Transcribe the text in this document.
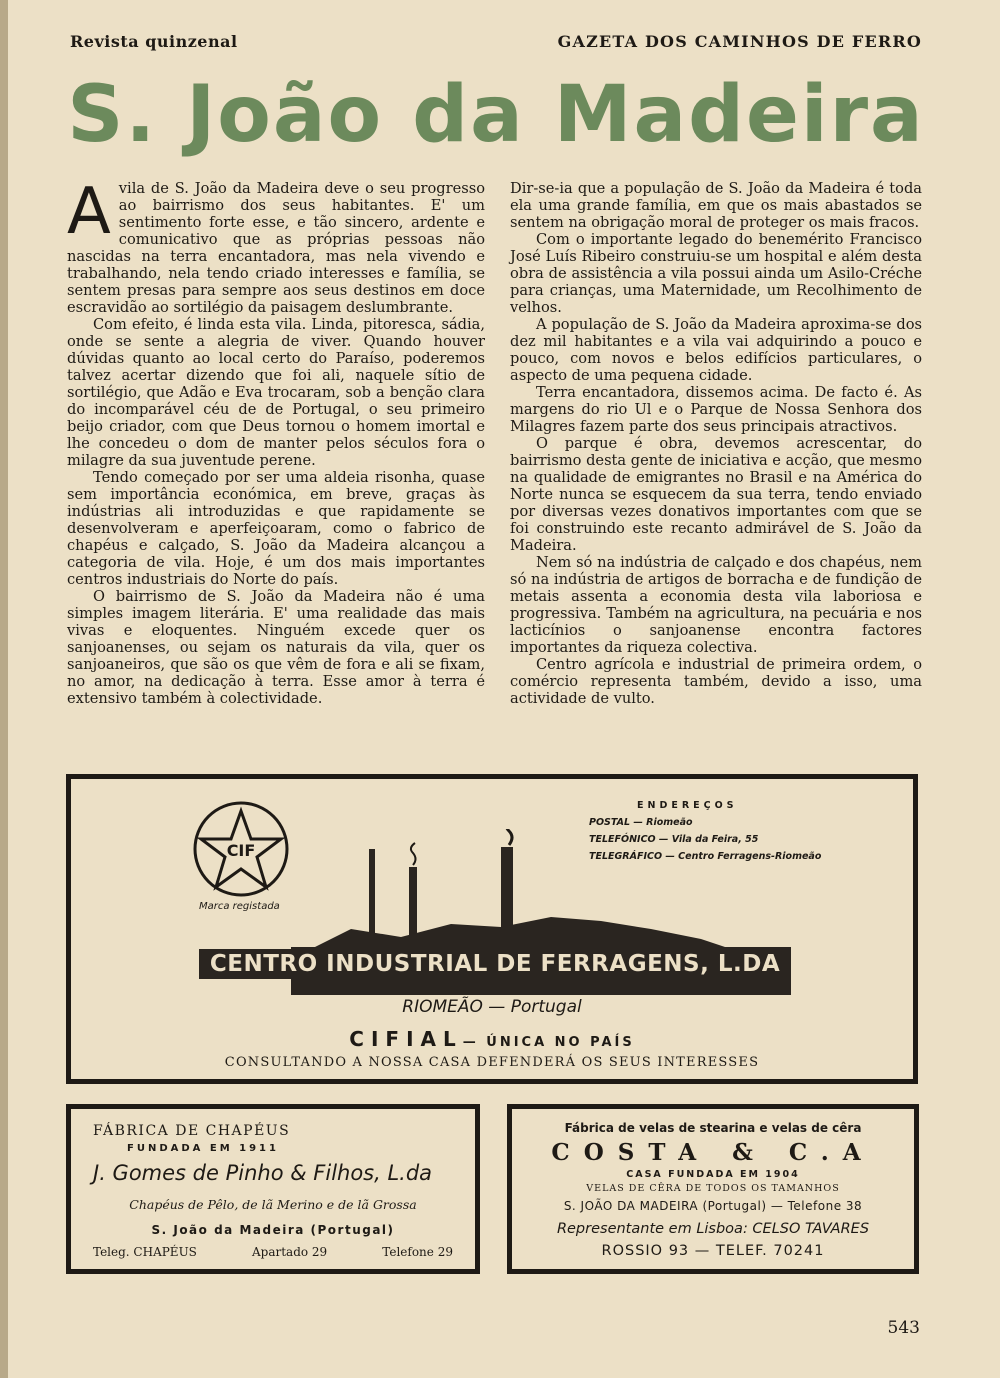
Revista quinzenal	GAZETA DOS CAMINHOS DE FERRO
S. João da Madeira

Avila de S. João da Madeira deve o seu progresso ao bairrismo dos seus habitantes. E' um sentimento forte esse, e tão sincero, ardente e comunicativo que as próprias pessoas não nascidas na terra encantadora, mas nela vivendo e trabalhando, nela tendo criado interesses e família, se sentem presas para sempre aos seus destinos em doce escravidão ao sortilégio da paisagem deslumbrante.

Com efeito, é linda esta vila. Linda, pitoresca, sádia, onde se sente a alegria de viver. Quando houver dúvidas quanto ao local certo do Paraíso, poderemos talvez acertar dizendo que foi ali, naquele sítio de sortilégio, que Adão e Eva trocaram, sob a benção clara do incomparável céu de de Portugal, o seu primeiro beijo criador, com que Deus tornou o homem imortal e lhe concedeu o dom de manter pelos séculos fora o milagre da sua juventude perene.

Tendo começado por ser uma aldeia risonha, quase sem importância económica, em breve, graças às indústrias ali introduzidas e que rapidamente se desenvolveram e aperfeiçoaram, como o fabrico de chapéus e calçado, S. João da Madeira alcançou a categoria de vila. Hoje, é um dos mais importantes centros industriais do Norte do país.

O bairrismo de S. João da Madeira não é uma simples imagem literária. E' uma realidade das mais vivas e eloquentes. Ninguém excede quer os sanjoanenses, ou sejam os naturais da vila, quer os sanjoaneiros, que são os que vêm de fora e ali se fixam, no amor, na dedicação à terra. Esse amor à terra é extensivo também à colectividade.

Dir-se-ia que a população de S. João da Madeira é toda ela uma grande família, em que os mais abastados se sentem na obrigação moral de proteger os mais fracos.

Com o importante legado do benemérito Francisco José Luís Ribeiro construiu-se um hospital e além desta obra de assistência a vila possui ainda um Asilo-Créche para crianças, uma Maternidade, um Recolhimento de velhos.

A população de S. João da Madeira aproxima-se dos dez mil habitantes e a vila vai adquirindo a pouco e pouco, com novos e belos edifícios particulares, o aspecto de uma pequena cidade.

Terra encantadora, dissemos acima. De facto é. As margens do rio Ul e o Parque de Nossa Senhora dos Milagres fazem parte dos seus principais atractivos.

O parque é obra, devemos acrescentar, do bairrismo desta gente de iniciativa e acção, que mesmo na qualidade de emigrantes no Brasil e na América do Norte nunca se esquecem da sua terra, tendo enviado por diversas vezes donativos importantes com que se foi construindo este recanto admirável de S. João da Madeira.

Nem só na indústria de calçado e dos chapéus, nem só na indústria de artigos de borracha e de fundição de metais assenta a economia desta vila laboriosa e progressiva. Também na agricultura, na pecuária e nos lacticínios o sanjoanense encontra factores importantes da riqueza colectiva.

Centro agrícola e industrial de primeira ordem, o comércio representa também, devido a isso, uma actividade de vulto.

CIF
Marca registada
ENDEREÇOS
POSTAL — Riomeão
TELEFÓNICO — Vila da Feira, 55
TELEGRÁFICO — Centro Ferragens-Riomeão
CENTRO INDUSTRIAL DE FERRAGENS, L.DA
RIOMEÃO — Portugal
CIFIAL— ÚNICA NO PAÍS
CONSULTANDO A NOSSA CASA DEFENDERÁ OS SEUS INTERESSES
FÁBRICA DE CHAPÉUS
FUNDADA EM 1911
J. Gomes de Pinho & Filhos, L.da
Chapéus de Pêlo, de lã Merino e de lã Grossa
S. João da Madeira (Portugal)
Teleg. CHAPÉUS	Apartado 29	Telefone 29
Fábrica de velas de stearina e velas de cêra
COSTA & C.A
CASA FUNDADA EM 1904
VELAS DE CÊRA DE TODOS OS TAMANHOS
S. JOÃO DA MADEIRA (Portugal) — Telefone 38
Representante em Lisboa: CELSO TAVARES
ROSSIO 93 — TELEF. 70241
543
